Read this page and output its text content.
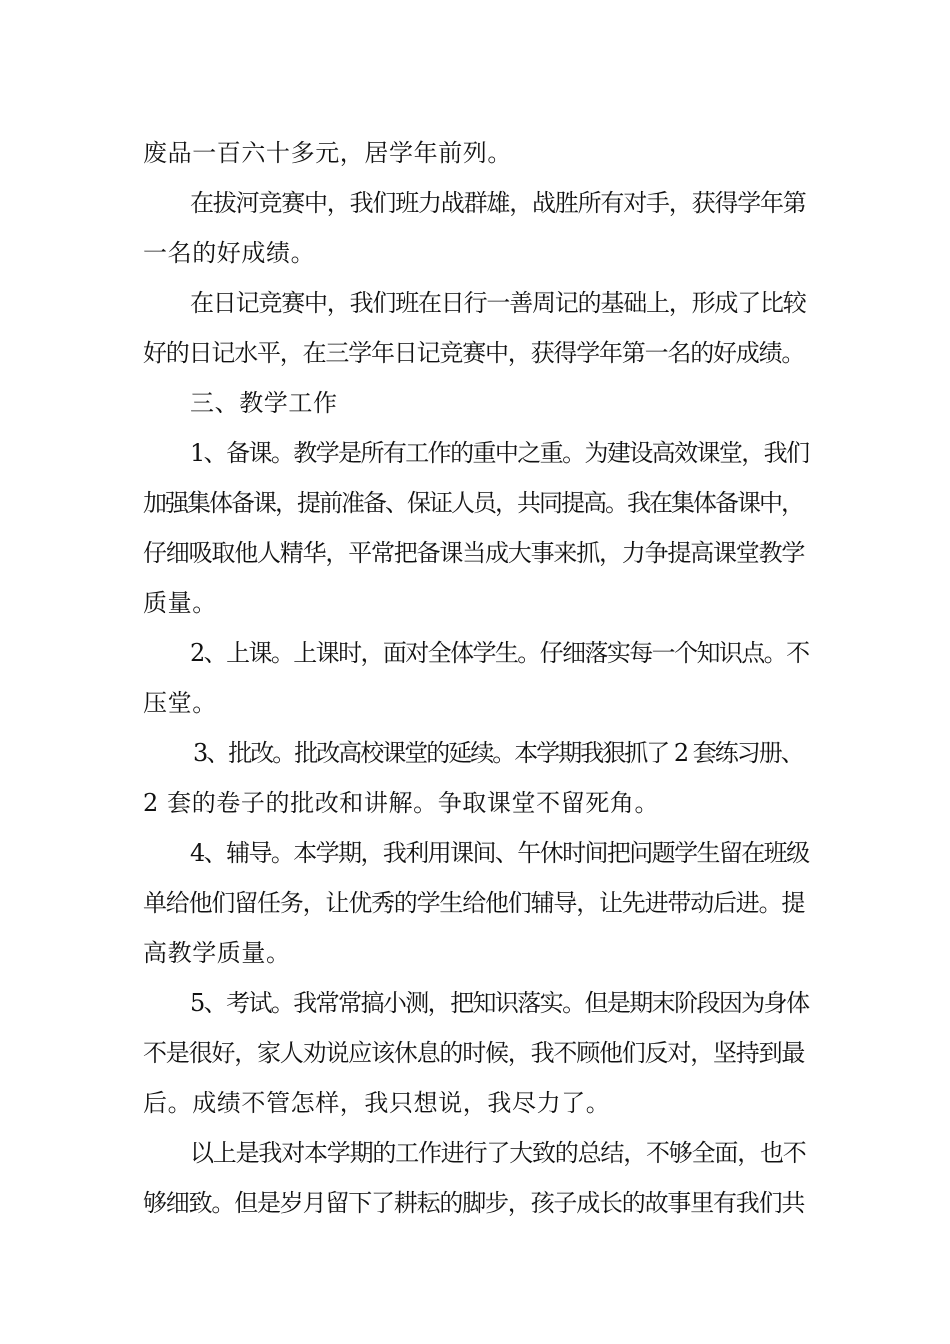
废品一百六十多元，居学年前列。
在拔河竞赛中，我们班力战群雄，战胜所有对手，获得学年第
一名的好成绩。
在日记竞赛中，我们班在日行一善周记的基础上，形成了比较
好的日记水平，在三学年日记竞赛中，获得学年第一名的好成绩。
三、教学工作
1、备课。教学是所有工作的重中之重。为建设高效课堂，我们
加强集体备课，提前准备、保证人员，共同提高。我在集体备课中，
仔细吸取他人精华，平常把备课当成大事来抓，力争提高课堂教学
质量。
2、上课。上课时，面对全体学生。仔细落实每一个知识点。不
压堂。
3、批改。批改高校课堂的延续。本学期我狠抓了 2 套练习册、
2 套的卷子的批改和讲解。争取课堂不留死角。
4、辅导。本学期，我利用课间、午休时间把问题学生留在班级
单给他们留任务，让优秀的学生给他们辅导，让先进带动后进。提
高教学质量。
5、考试。我常常搞小测，把知识落实。但是期末阶段因为身体
不是很好，家人劝说应该休息的时候，我不顾他们反对，坚持到最
后。成绩不管怎样，我只想说，我尽力了。
以上是我对本学期的工作进行了大致的总结，不够全面，也不
够细致。但是岁月留下了耕耘的脚步，孩子成长的故事里有我们共
